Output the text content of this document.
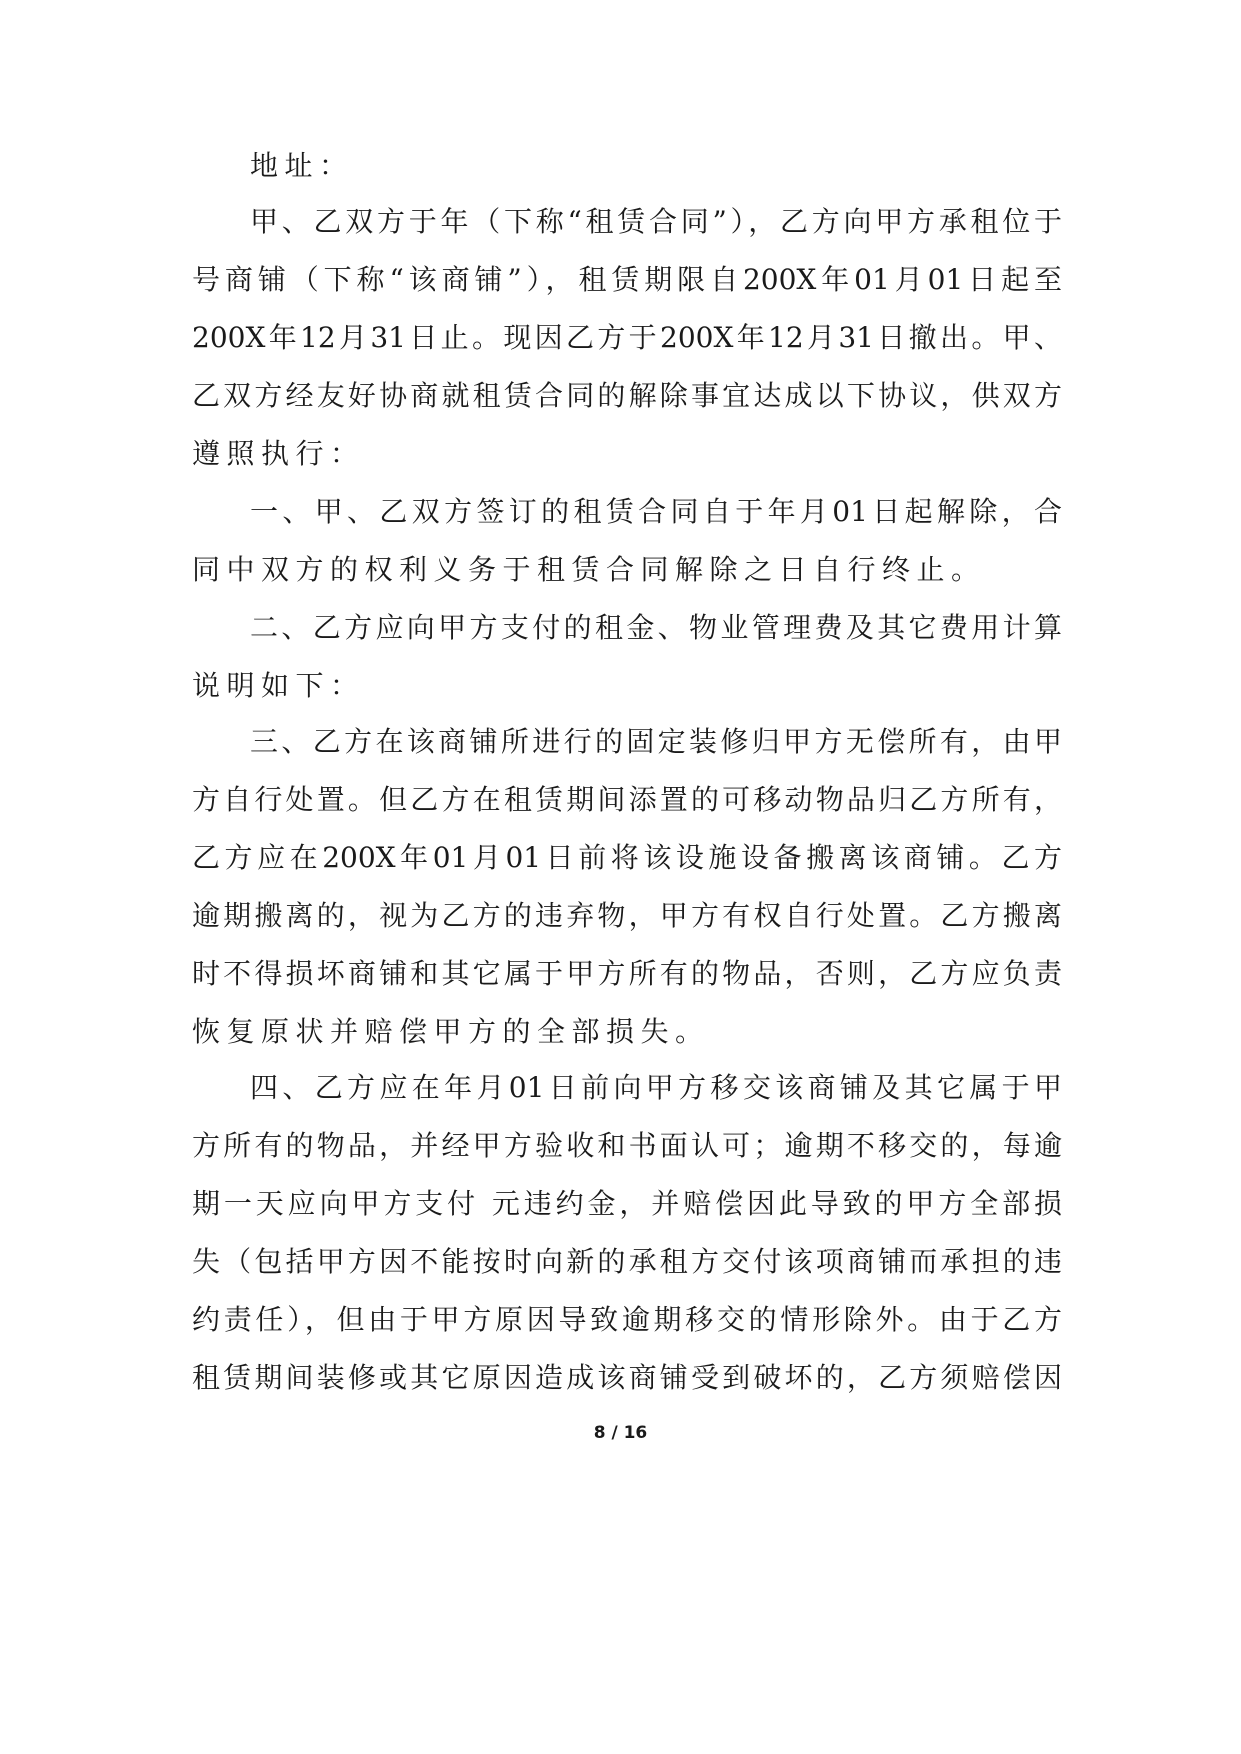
地址：
甲、乙双方于年（下称“租赁合同”），乙方向甲方承租位于
号商铺（下称“该商铺”），租赁期限自200X年01月01日起至
200X年12月31日止。现因乙方于200X年12月31日撤出。甲、
乙双方经友好协商就租赁合同的解除事宜达成以下协议，供双方
遵照执行：
一、甲、乙双方签订的租赁合同自于年月01日起解除，合
同中双方的权利义务于租赁合同解除之日自行终止。
二、乙方应向甲方支付的租金、物业管理费及其它费用计算
说明如下：
三、乙方在该商铺所进行的固定装修归甲方无偿所有，由甲
方自行处置。但乙方在租赁期间添置的可移动物品归乙方所有，
乙方应在200X年01月01日前将该设施设备搬离该商铺。乙方
逾期搬离的，视为乙方的违弃物，甲方有权自行处置。乙方搬离
时不得损坏商铺和其它属于甲方所有的物品，否则，乙方应负责
恢复原状并赔偿甲方的全部损失。
四、乙方应在年月01日前向甲方移交该商铺及其它属于甲
方所有的物品，并经甲方验收和书面认可；逾期不移交的，每逾
期一天应向甲方支付 元违约金，并赔偿因此导致的甲方全部损
失（包括甲方因不能按时向新的承租方交付该项商铺而承担的违
约责任），但由于甲方原因导致逾期移交的情形除外。由于乙方
租赁期间装修或其它原因造成该商铺受到破坏的，乙方须赔偿因
8 / 16
